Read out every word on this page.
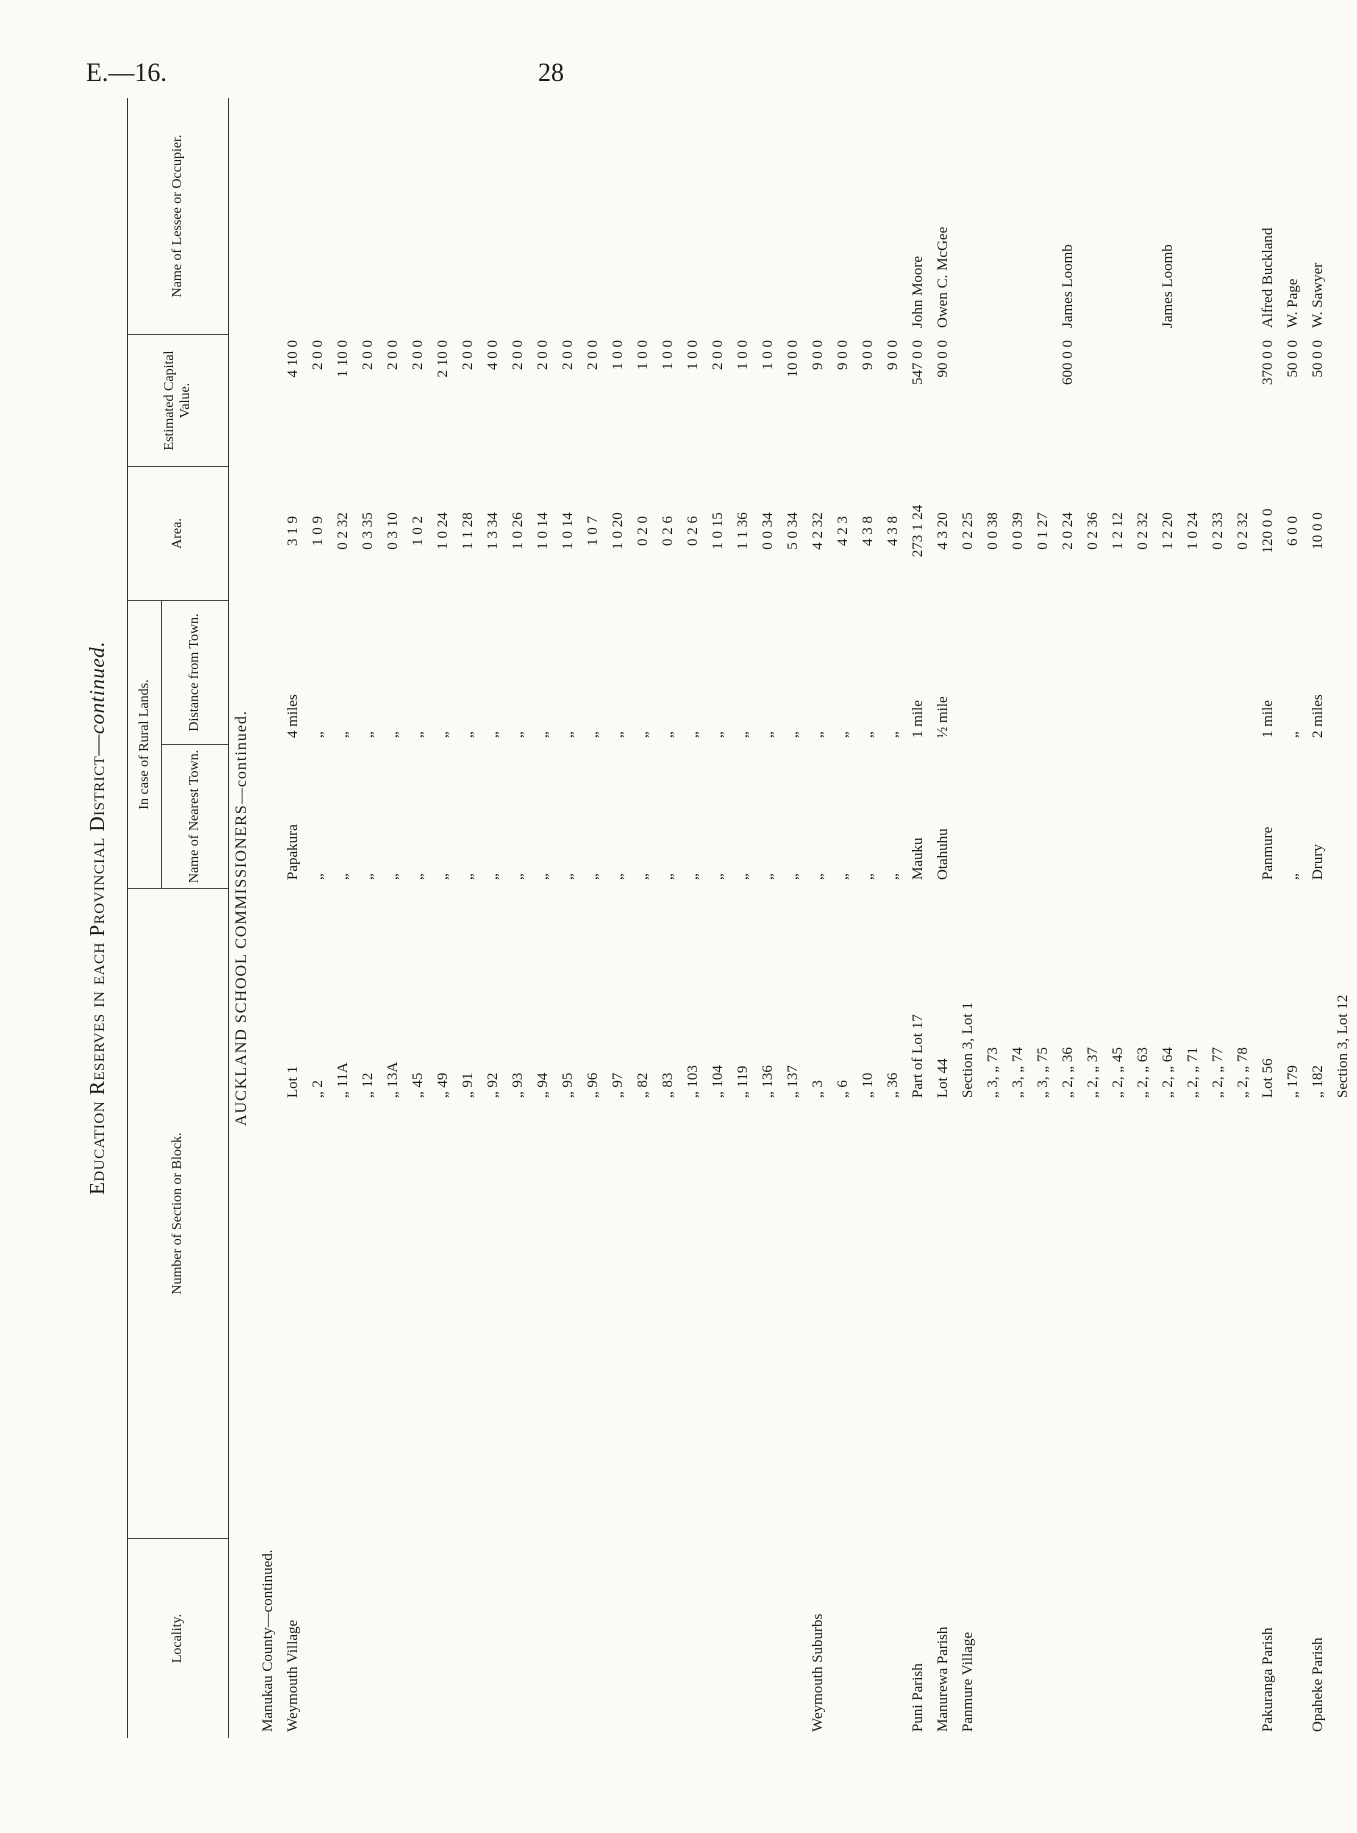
E.—16.	28
Education Reserves in each Provincial District—continued.
Locality.
Number of Section or Block.
In case of Rural Lands.
Name of Nearest Town.
Distance from Town.
Area.
Estimated Capital Value.
Name of Lessee or Occupier.
AUCKLAND SCHOOL COMMISSIONERS—continued.
Manukau County—continued. Weymouth Village
Lot 1
Papakura
4 miles
3 1 9
4 10 0
„ 2
„
„
1 0 9
2 0 0
„ 11A
„
„
0 2 32
1 10 0
„ 12
„
„
0 3 35
2 0 0
„ 13A
„
„
0 3 10
2 0 0
„ 45
„
„
1 0 2
2 0 0
„ 49
„
„
1 0 24
2 10 0
„ 91
„
„
1 1 28
2 0 0
„ 92
„
„
1 3 34
4 0 0
„ 93
„
„
1 0 26
2 0 0
„ 94
„
„
1 0 14
2 0 0
„ 95
„
„
1 0 14
2 0 0
„ 96
„
„
1 0 7
2 0 0
„ 97
„
„
1 0 20
1 0 0
„ 82
„
„
0 2 0
1 0 0
„ 83
„
„
0 2 6
1 0 0
„ 103
„
„
0 2 6
1 0 0
„ 104
„
„
1 0 15
2 0 0
„ 119
„
„
1 1 36
1 0 0
„ 136
„
„
0 0 34
1 0 0
„ 137
„
„
5 0 34
10 0 0
Weymouth Suburbs
„ 3
„
„
4 2 32
9 0 0
„ 6
„
„
4 2 3
9 0 0
„ 10
„
„
4 3 8
9 0 0
„ 36
„
„
4 3 8
9 0 0
Puni Parish
Part of Lot 17
Mauku
1 mile
273 1 24
547 0 0
John Moore
Manurewa Parish
Lot 44
Otahuhu
½ mile
4 3 20
90 0 0
Owen C. McGee
Panmure Village
Section 3, Lot 1
0 2 25
„ 3, „ 73
0 0 38
„ 3, „ 74
0 0 39
„ 3, „ 75
0 1 27
„ 2, „ 36
2 0 24
600 0 0
James Loomb
„ 2, „ 37
0 2 36
„ 2, „ 45
1 2 12
„ 2, „ 63
0 2 32
„ 2, „ 64
1 2 20
James Loomb
„ 2, „ 71
1 0 24
„ 2, „ 77
0 2 33
„ 2, „ 78
0 2 32
Pakuranga Parish
Lot 56
Panmure
1 mile
120 0 0
370 0 0
Alfred Buckland
„ 179
„
„
6 0 0
50 0 0
W. Page
Opaheke Parish
„ 182
Drury
2 miles
10 0 0
50 0 0
W. Sawyer
Section 3, Lot 12
